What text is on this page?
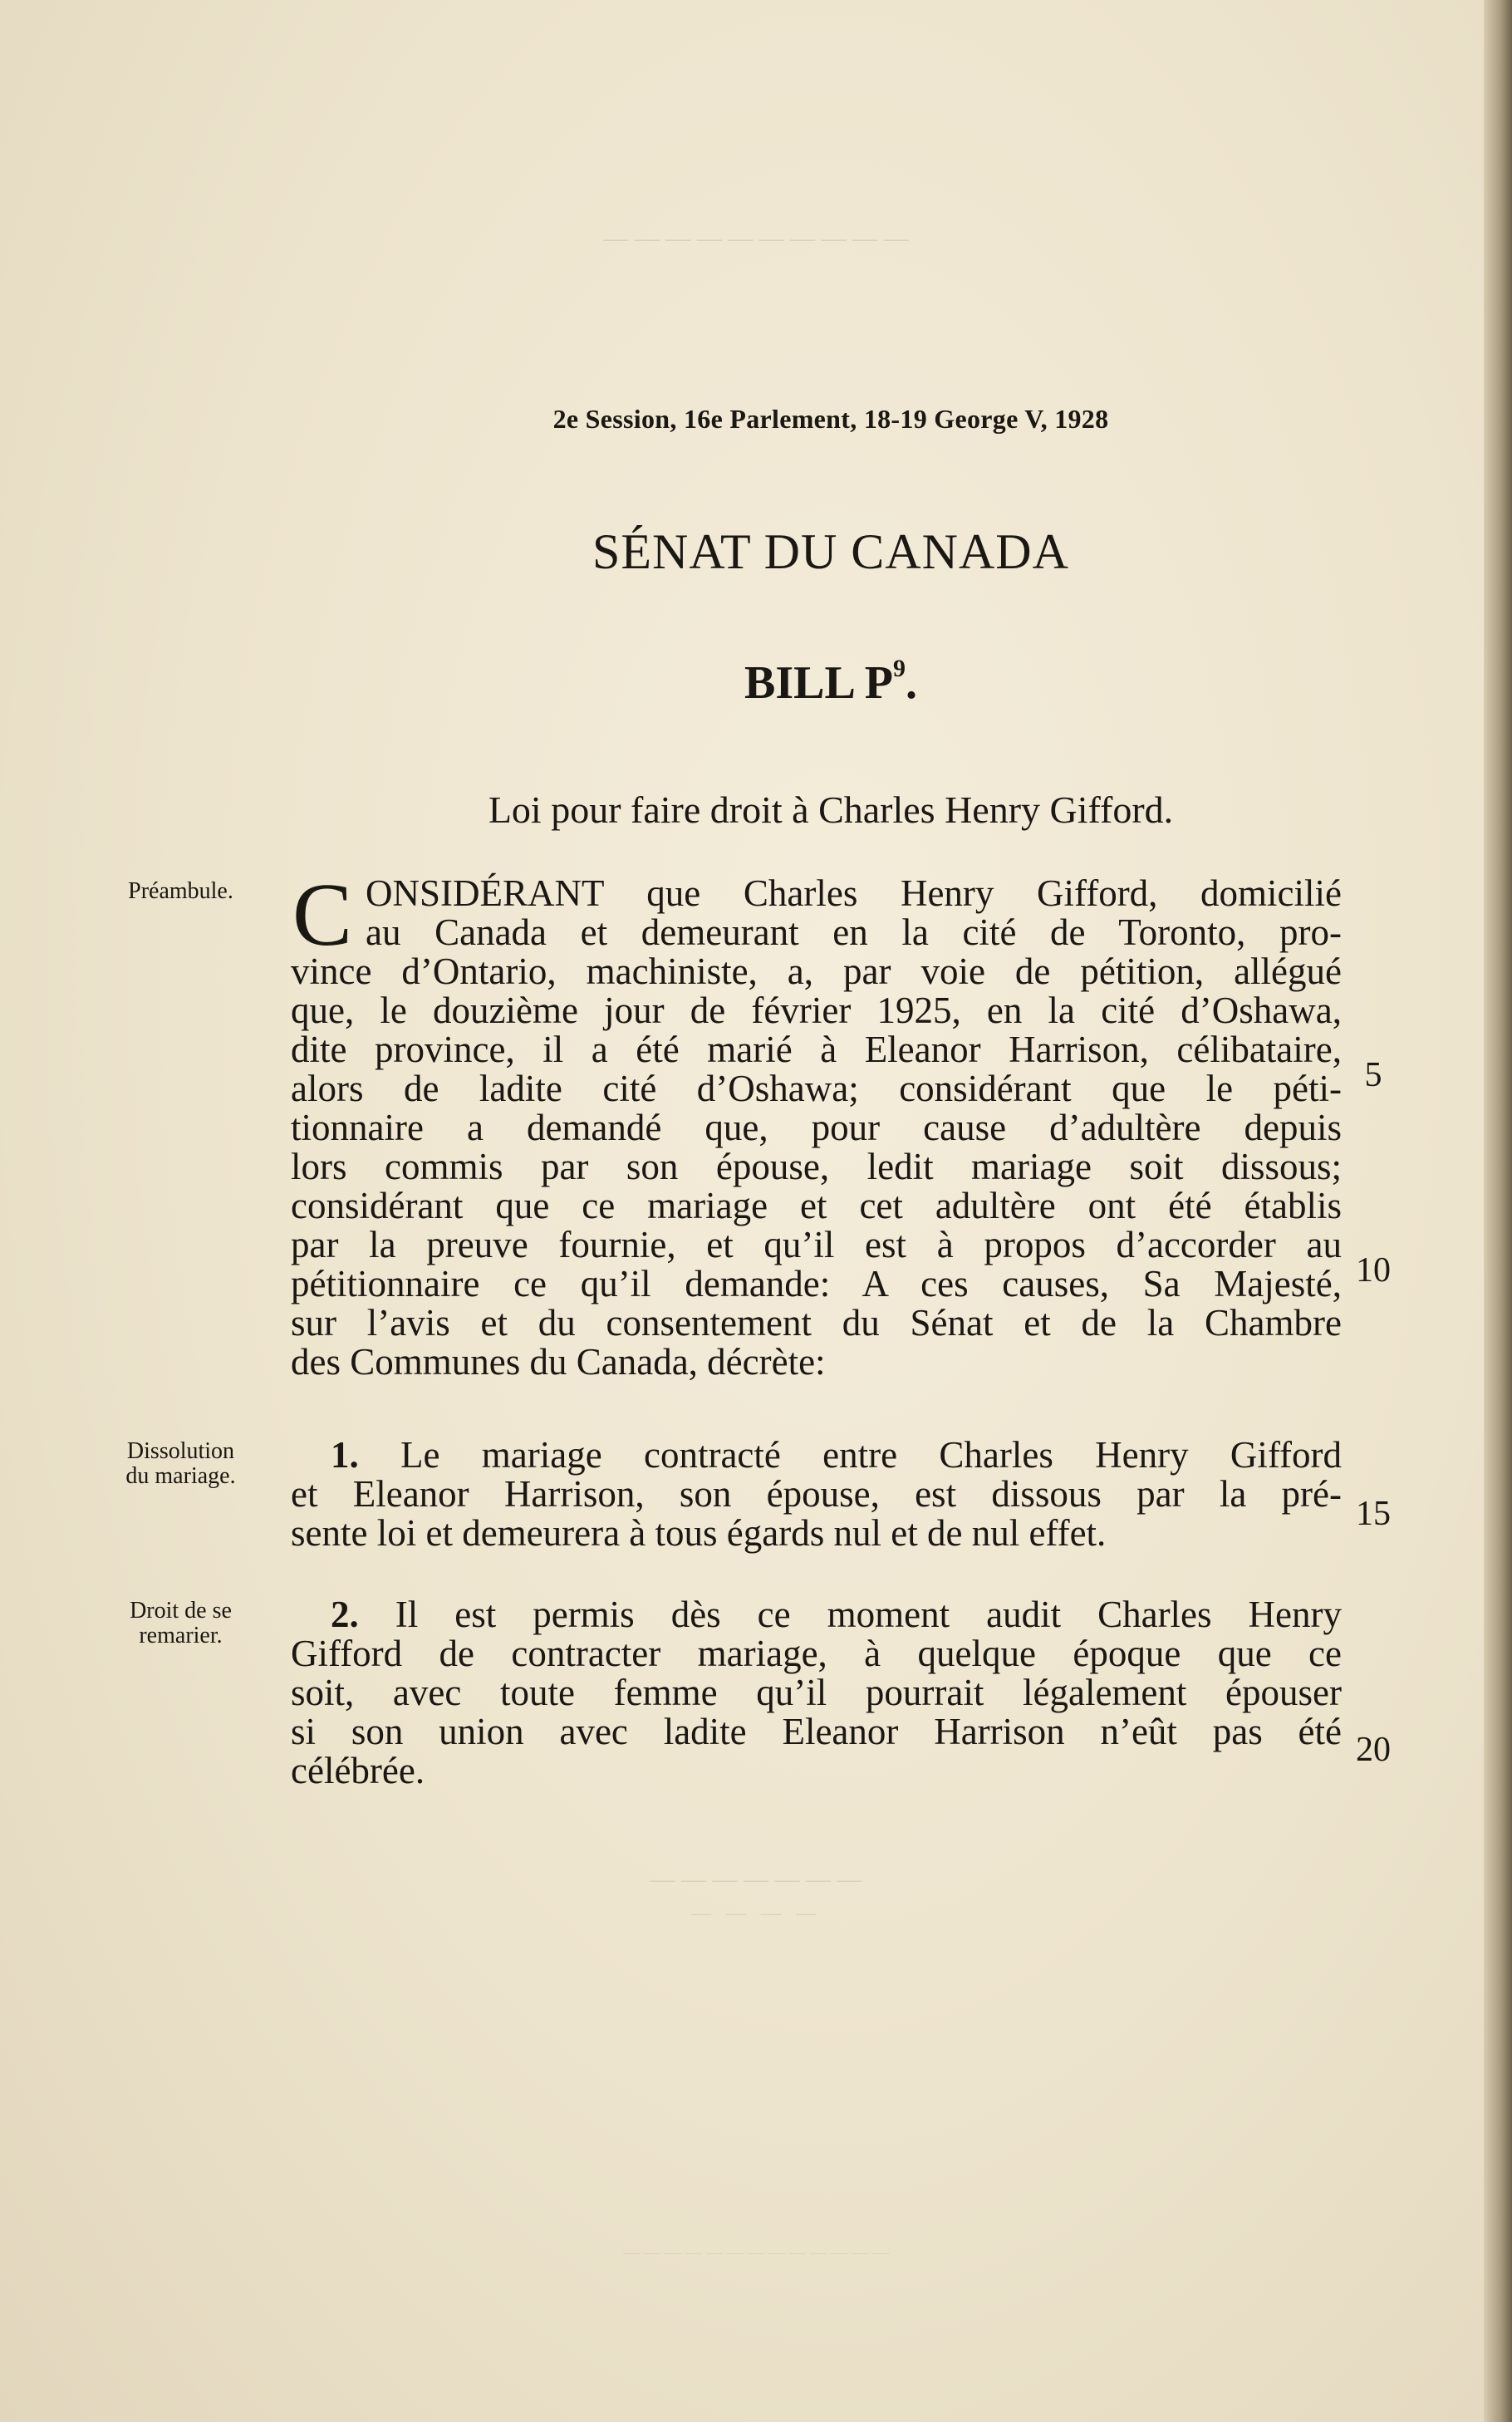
— — — — — — — — — —
— — — — — — —
— — — —
— — — — — — — — — — — — —
2e Session, 16e Parlement, 18-19 George V, 1928
SÉNAT DU CANADA
BILL $P^9$.
Loi pour faire droit à Charles Henry Gifford.
Préambule.
Dissolution
du mariage.
Droit de se
remarier.
C ONSIDÉRANT que Charles Henry Gifford, domicilié
au Canada et demeurant en la cité de Toronto, pro-
vince d’Ontario, machiniste, a, par voie de pétition, allégué
que, le douzième jour de février 1925, en la cité d’Oshawa,
dite province, il a été marié à Eleanor Harrison, célibataire,
alors de ladite cité d’Oshawa; considérant que le péti-
tionnaire a demandé que, pour cause d’adultère depuis
lors commis par son épouse, ledit mariage soit dissous;
considérant que ce mariage et cet adultère ont été établis
par la preuve fournie, et qu’il est à propos d’accorder au
pétitionnaire ce qu’il demande: A ces causes, Sa Majesté,
sur l’avis et du consentement du Sénat et de la Chambre
des Communes du Canada, décrète:
1. Le mariage contracté entre Charles Henry Gifford
et Eleanor Harrison, son épouse, est dissous par la pré-
sente loi et demeurera à tous égards nul et de nul effet.
2. Il est permis dès ce moment audit Charles Henry
Gifford de contracter mariage, à quelque époque que ce
soit, avec toute femme qu’il pourrait légalement épouser
si son union avec ladite Eleanor Harrison n’eût pas été
célébrée.
5
10
15
20
